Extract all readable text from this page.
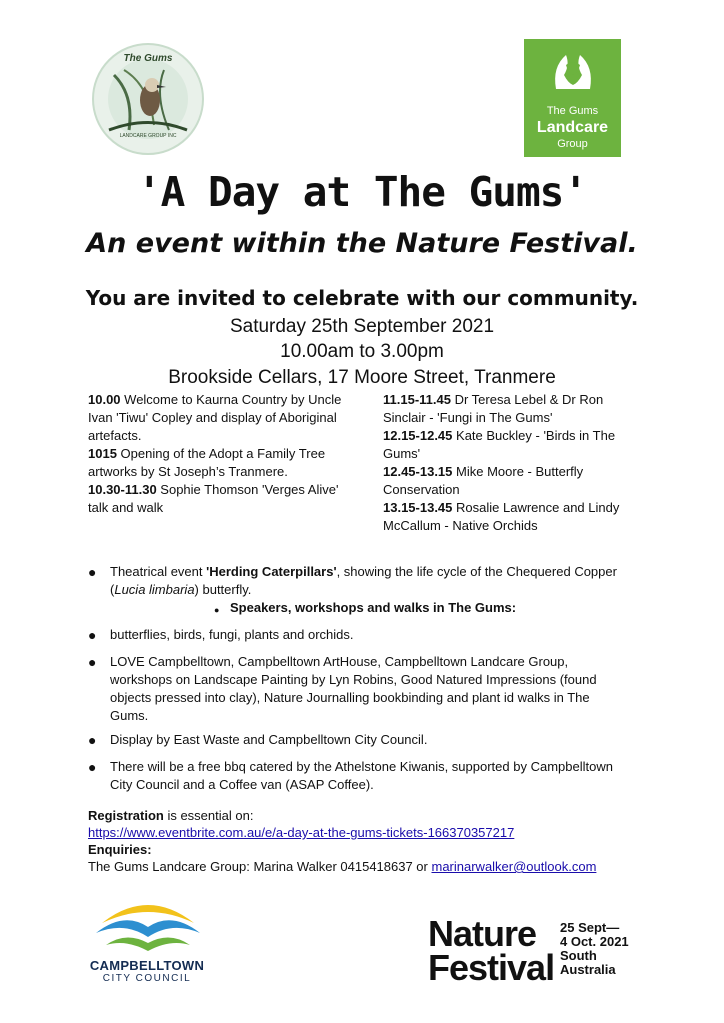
The Gums
LANDCARE GROUP INC
The Gums
Landcare
Group
'A Day at The Gums'
An event within the Nature Festival.
You are invited to celebrate with our community.
Saturday 25th September 2021
10.00am to 3.00pm
Brookside Cellars, 17 Moore Street, Tranmere

10.00 Welcome to Kaurna Country by Uncle Ivan 'Tiwu' Copley and display of Aboriginal artefacts.

1015 Opening of the Adopt a Family Tree artworks by St Joseph’s Tranmere.

10.30-11.30 Sophie Thomson 'Verges Alive' talk and walk

11.15-11.45 Dr Teresa Lebel & Dr Ron Sinclair - 'Fungi in The Gums'

12.15-12.45 Kate Buckley - 'Birds in The Gums'

12.45-13.15 Mike Moore - Butterfly Conservation

13.15-13.45 Rosalie Lawrence and Lindy McCallum - Native Orchids

● Theatrical event 'Herding Caterpillars', showing the life cycle of the Chequered Copper (Lucia limbaria) butterfly.
● Speakers, workshops and walks in The Gums:
● butterflies, birds, fungi, plants and orchids.
● LOVE Campbelltown, Campbelltown ArtHouse, Campbelltown Landcare Group, workshops on Landscape Painting by Lyn Robins, Good Natured Impressions (found objects pressed into clay), Nature Journalling bookbinding and plant id walks in The Gums.
● Display by East Waste and Campbelltown City Council.
● There will be a free bbq catered by the Athelstone Kiwanis, supported by Campbelltown City Council and a Coffee van (ASAP Coffee).
Registration is essential on:
https://www.eventbrite.com.au/e/a-day-at-the-gums-tickets-166370357217
Enquiries:
The Gums Landcare Group: Marina Walker 0415418637 or marinarwalker@outlook.com
CAMPBELLTOWN
CITY COUNCIL
Nature
Festival
25 Sept—
4 Oct. 2021
South
Australia
